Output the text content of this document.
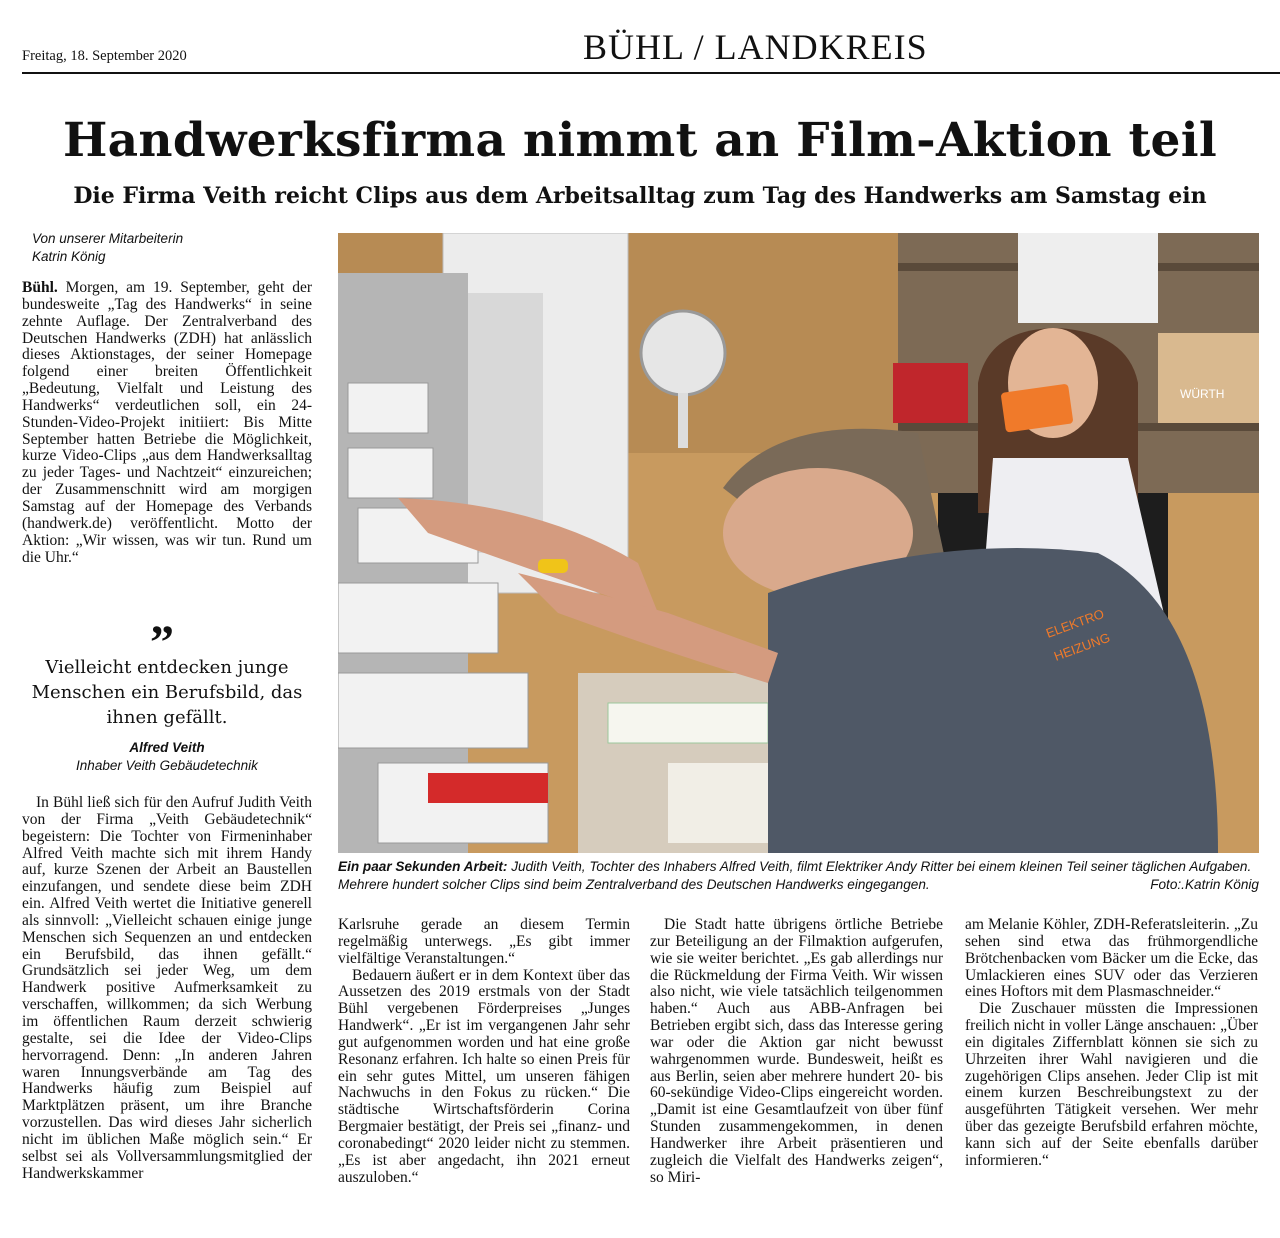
Freitag, 18. September 2020	BÜHL / LANDKREIS
Handwerksfirma nimmt an Film-Aktion teil
Die Firma Veith reicht Clips aus dem Arbeitsalltag zum Tag des Handwerks am Samstag ein
Von unserer Mitarbeiterin
Katrin König

Bühl. Morgen, am 19. September, geht der bundesweite „Tag des Handwerks“ in seine zehnte Auflage. Der Zentralverband des Deutschen Handwerks (ZDH) hat anlässlich dieses Aktionstages, der seiner Homepage folgend einer breiten Öffentlichkeit „Bedeutung, Vielfalt und Leistung des Handwerks“ verdeutlichen soll, ein 24-Stunden-Video-Projekt initiiert: Bis Mitte September hatten Betriebe die Möglichkeit, kurze Video-Clips „aus dem Handwerksalltag zu jeder Tages- und Nachtzeit“ einzureichen; der Zusammenschnitt wird am morgigen Samstag auf der Homepage des Verbands (handwerk.de) veröffentlicht. Motto der Aktion: „Wir wissen, was wir tun. Rund um die Uhr.“

”
Vielleicht entdecken junge Menschen ein Berufsbild, das ihnen gefällt.
Alfred Veith
Inhaber Veith Gebäudetechnik

In Bühl ließ sich für den Aufruf Judith Veith von der Firma „Veith Gebäudetechnik“ begeistern: Die Tochter von Firmeninhaber Alfred Veith machte sich mit ihrem Handy auf, kurze Szenen der Arbeit an Baustellen einzufangen, und sendete diese beim ZDH ein. Alfred Veith wertet die Initiative generell als sinnvoll: „Vielleicht schauen einige junge Menschen sich Sequenzen an und entdecken ein Berufsbild, das ihnen gefällt.“ Grundsätzlich sei jeder Weg, um dem Handwerk positive Aufmerksamkeit zu verschaffen, willkommen; da sich Werbung im öffentlichen Raum derzeit schwierig gestalte, sei die Idee der Video-Clips hervorragend. Denn: „In anderen Jahren waren Innungsverbände am Tag des Handwerks häufig zum Beispiel auf Marktplätzen präsent, um ihre Branche vorzustellen. Das wird dieses Jahr sicherlich nicht im üblichen Maße möglich sein.“ Er selbst sei als Vollversammlungsmitglied der Handwerkskammer

WÜRTH
ELEKTRO
HEIZUNG
Ein paar Sekunden Arbeit: Judith Veith, Tochter des Inhabers Alfred Veith, filmt Elektriker Andy Ritter bei einem kleinen Teil seiner täglichen Aufgaben. Mehrere hundert solcher Clips sind beim Zentralverband des Deutschen Handwerks eingegangen.	Foto:.Katrin König

Karlsruhe gerade an diesem Termin regelmäßig unterwegs. „Es gibt immer vielfältige Veranstaltungen.“

Bedauern äußert er in dem Kontext über das Aussetzen des 2019 erstmals von der Stadt Bühl vergebenen Förderpreises „Junges Handwerk“. „Er ist im vergangenen Jahr sehr gut aufgenommen worden und hat eine große Resonanz erfahren. Ich halte so einen Preis für ein sehr gutes Mittel, um unseren fähigen Nachwuchs in den Fokus zu rücken.“ Die städtische Wirtschaftsförderin Corina Bergmaier bestätigt, der Preis sei „finanz- und coronabedingt“ 2020 leider nicht zu stemmen. „Es ist aber angedacht, ihn 2021 erneut auszuloben.“

Die Stadt hatte übrigens örtliche Betriebe zur Beteiligung an der Filmaktion aufgerufen, wie sie weiter berichtet. „Es gab allerdings nur die Rückmeldung der Firma Veith. Wir wissen also nicht, wie viele tatsächlich teilgenommen haben.“ Auch aus ABB-Anfragen bei Betrieben ergibt sich, dass das Interesse gering war oder die Aktion gar nicht bewusst wahrgenommen wurde. Bundesweit, heißt es aus Berlin, seien aber mehrere hundert 20- bis 60-sekündige Video-Clips eingereicht worden. „Damit ist eine Gesamtlaufzeit von über fünf Stunden zusammengekommen, in denen Handwerker ihre Arbeit präsentieren und zugleich die Vielfalt des Handwerks zeigen“, so Miri-

am Melanie Köhler, ZDH-Referatsleiterin. „Zu sehen sind etwa das frühmorgendliche Brötchenbacken vom Bäcker um die Ecke, das Umlackieren eines SUV oder das Verzieren eines Hoftors mit dem Plasmaschneider.“

Die Zuschauer müssten die Impressionen freilich nicht in voller Länge anschauen: „Über ein digitales Ziffernblatt können sie sich zu Uhrzeiten ihrer Wahl navigieren und die zugehörigen Clips ansehen. Jeder Clip ist mit einem kurzen Beschreibungstext zu der ausgeführten Tätigkeit versehen. Wer mehr über das gezeigte Berufsbild erfahren möchte, kann sich auf der Seite ebenfalls darüber informieren.“
